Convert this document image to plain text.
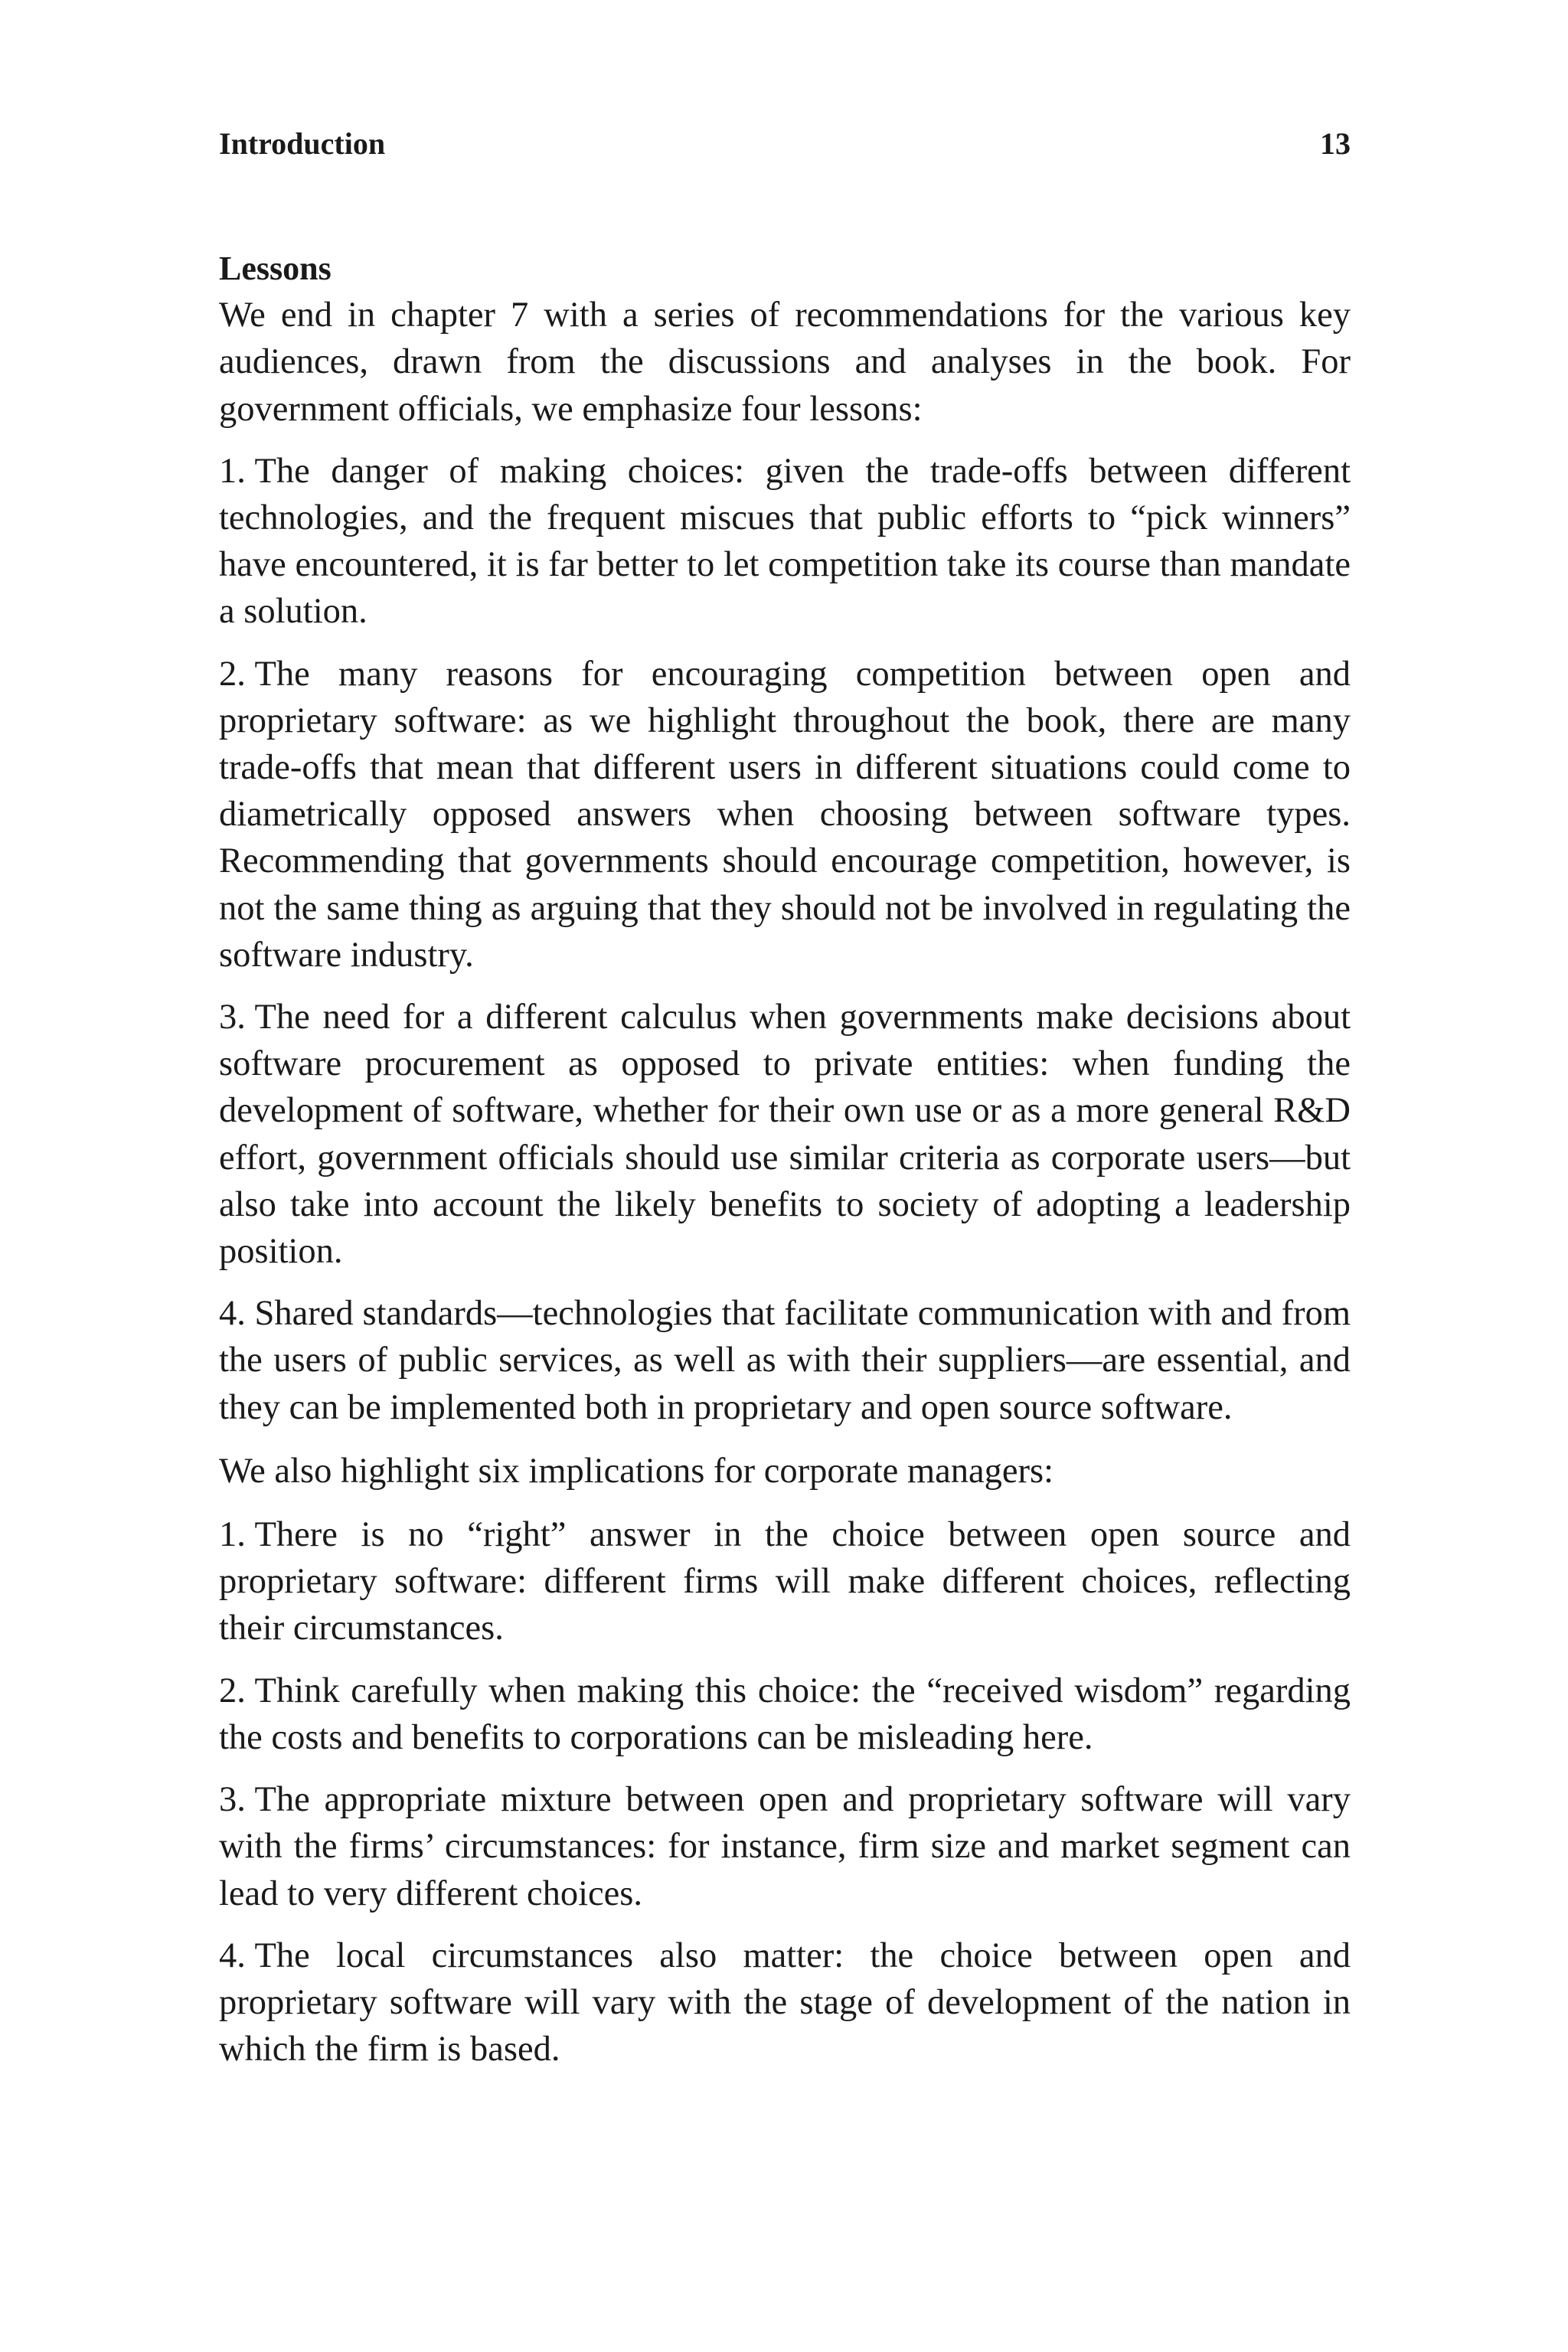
Introduction	13
Lessons

We end in chapter 7 with a series of recommendations for the various key audiences, drawn from the discussions and analyses in the book. For government officials, we emphasize four lessons:

1. The danger of making choices: given the trade-offs between different technologies, and the frequent miscues that public efforts to “pick winners” have encountered, it is far better to let competition take its course than mandate a solution.
2. The many reasons for encouraging competition between open and proprietary software: as we highlight throughout the book, there are many trade-offs that mean that different users in different situations could come to diametrically opposed answers when choosing between software types. Recommending that governments should encourage competition, however, is not the same thing as arguing that they should not be involved in regulating the software industry.
3. The need for a different calculus when governments make decisions about software procurement as opposed to private entities: when funding the development of software, whether for their own use or as a more general R&D effort, government officials should use similar criteria as corporate users—but also take into account the likely benefits to society of adopting a leadership position.
4. Shared standards—technologies that facilitate communication with and from the users of public services, as well as with their suppliers—are essential, and they can be implemented both in proprietary and open source software.

We also highlight six implications for corporate managers:

1. There is no “right” answer in the choice between open source and proprietary software: different firms will make different choices, reflecting their circumstances.
2. Think carefully when making this choice: the “received wisdom” regarding the costs and benefits to corporations can be misleading here.
3. The appropriate mixture between open and proprietary software will vary with the firms’ circumstances: for instance, firm size and market segment can lead to very different choices.
4. The local circumstances also matter: the choice between open and proprietary software will vary with the stage of development of the nation in which the firm is based.
